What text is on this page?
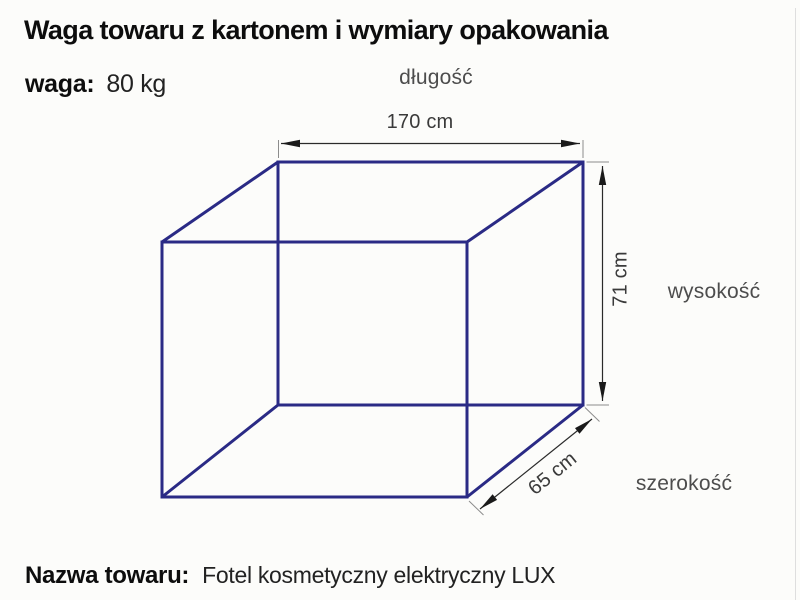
Waga towaru z kartonem i wymiary opakowania
waga: 80 kg	długość
170 cm
71 cm wysokość
65 cm	szerokość
Nazwa towaru: Fotel kosmetyczny elektryczny LUX
